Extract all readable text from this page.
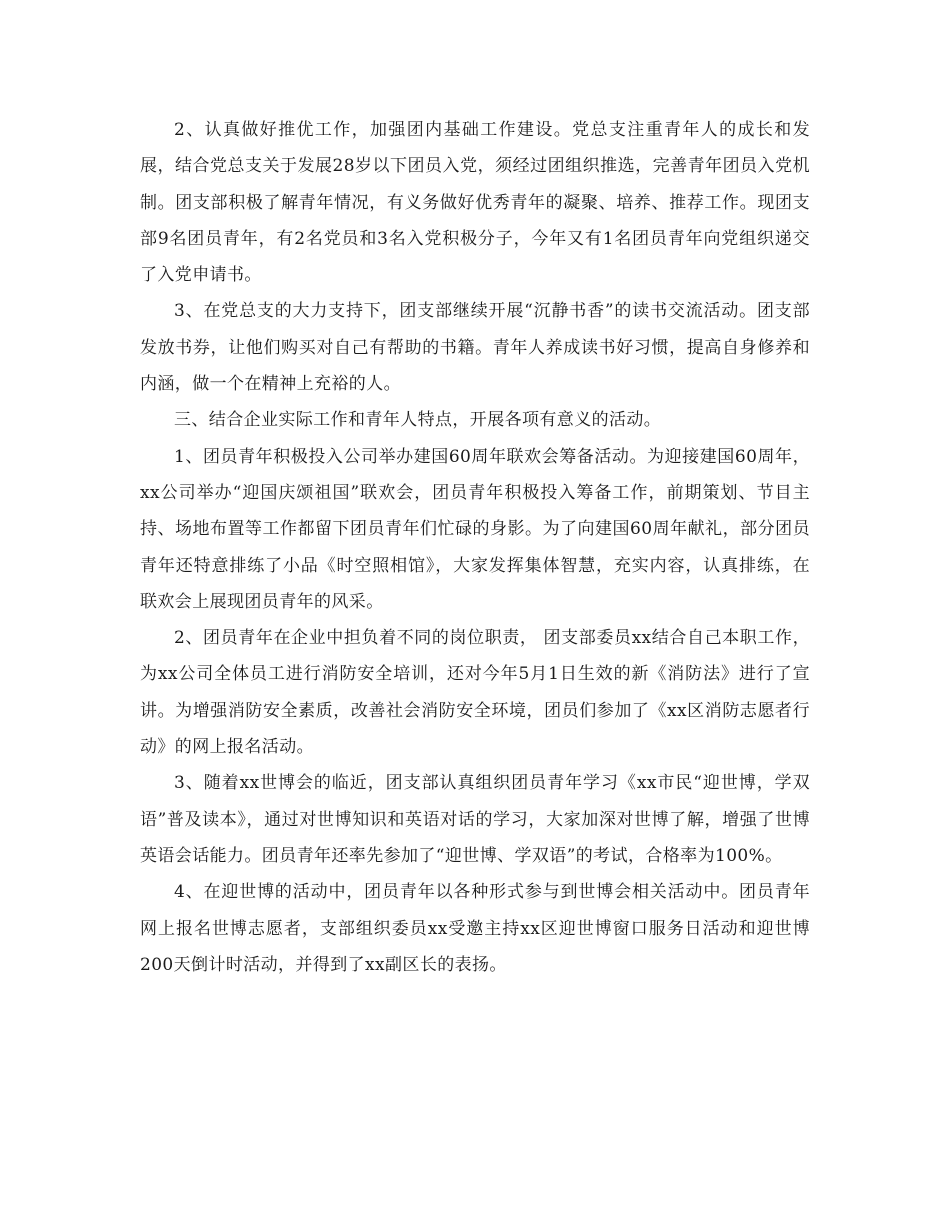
2、认真做好推优工作，加强团内基础工作建设。党总支注重青年人的成长和发展，结合党总支关于发展28岁以下团员入党，须经过团组织推选，完善青年团员入党机制。团支部积极了解青年情况，有义务做好优秀青年的凝聚、培养、推荐工作。现团支部9名团员青年，有2名党员和3名入党积极分子，今年又有1名团员青年向党组织递交了入党申请书。

3、在党总支的大力支持下，团支部继续开展“沉静书香”的读书交流活动。团支部发放书券，让他们购买对自己有帮助的书籍。青年人养成读书好习惯，提高自身修养和内涵，做一个在精神上充裕的人。

三、结合企业实际工作和青年人特点，开展各项有意义的活动。

1、团员青年积极投入公司举办建国60周年联欢会筹备活动。为迎接建国60周年，xx公司举办“迎国庆颂祖国”联欢会，团员青年积极投入筹备工作，前期策划、节目主持、场地布置等工作都留下团员青年们忙碌的身影。为了向建国60周年献礼，部分团员青年还特意排练了小品《时空照相馆》，大家发挥集体智慧，充实内容，认真排练，在联欢会上展现团员青年的风采。

2、团员青年在企业中担负着不同的岗位职责， 团支部委员xx结合自己本职工作，为xx公司全体员工进行消防安全培训，还对今年5月1日生效的新《消防法》进行了宣讲。为增强消防安全素质，改善社会消防安全环境，团员们参加了《xx区消防志愿者行动》的网上报名活动。

3、随着xx世博会的临近，团支部认真组织团员青年学习《xx市民“迎世博，学双语”普及读本》，通过对世博知识和英语对话的学习，大家加深对世博了解，增强了世博英语会话能力。团员青年还率先参加了“迎世博、学双语”的考试，合格率为100%。

4、在迎世博的活动中，团员青年以各种形式参与到世博会相关活动中。团员青年网上报名世博志愿者，支部组织委员xx受邀主持xx区迎世博窗口服务日活动和迎世博200天倒计时活动，并得到了xx副区长的表扬。
